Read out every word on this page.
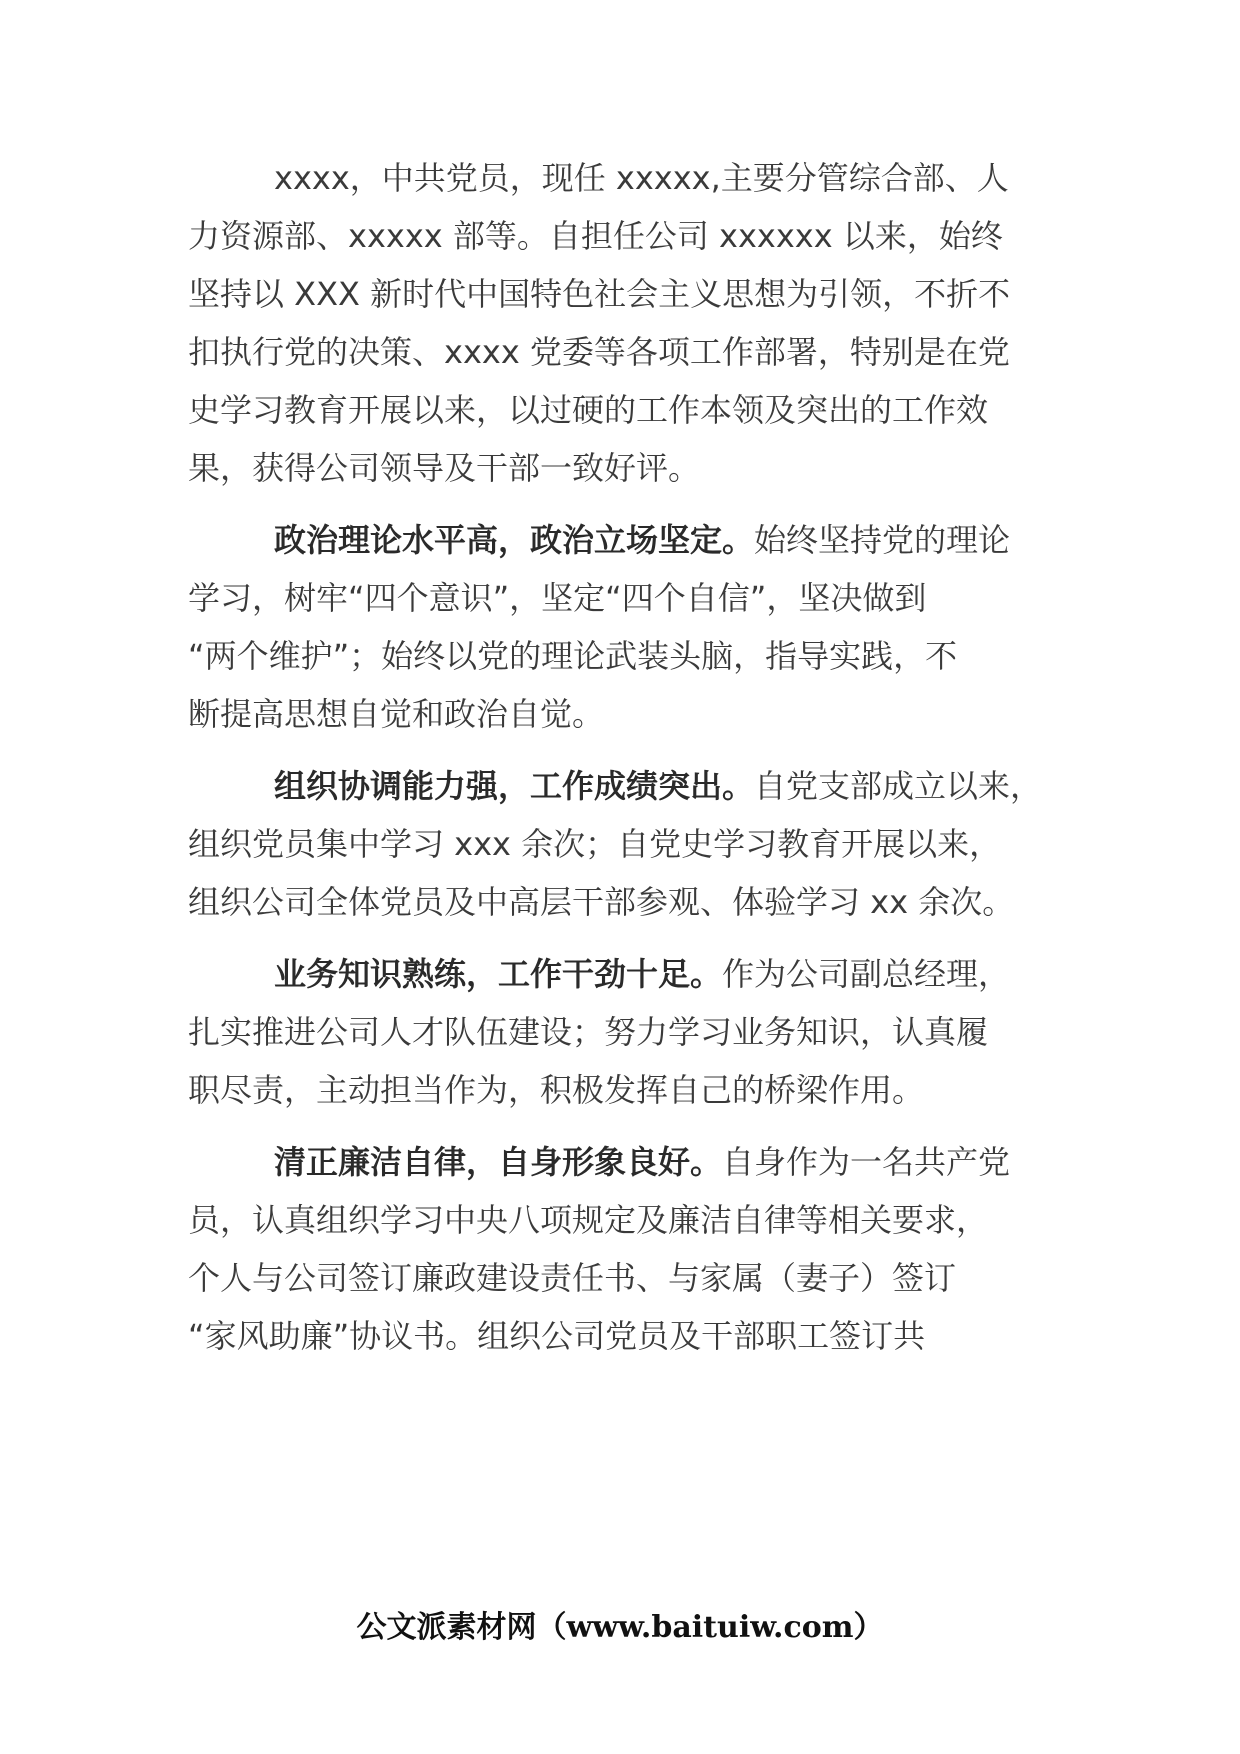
xxxx，中共党员，现任 xxxxx,主要分管综合部、人
力资源部、xxxxx 部等。自担任公司 xxxxxx 以来，始终
坚持以 XXX 新时代中国特色社会主义思想为引领，不折不
扣执行党的决策、xxxx 党委等各项工作部署，特别是在党
史学习教育开展以来，以过硬的工作本领及突出的工作效
果，获得公司领导及干部一致好评。
政治理论水平高，政治立场坚定。始终坚持党的理论
学习，树牢“四个意识”，坚定“四个自信”，坚决做到
“两个维护”；始终以党的理论武装头脑，指导实践，不
断提高思想自觉和政治自觉。
组织协调能力强，工作成绩突出。自党支部成立以来，
组织党员集中学习 xxx 余次；自党史学习教育开展以来，
组织公司全体党员及中高层干部参观、体验学习 xx 余次。
业务知识熟练，工作干劲十足。作为公司副总经理，
扎实推进公司人才队伍建设；努力学习业务知识，认真履
职尽责，主动担当作为，积极发挥自己的桥梁作用。
清正廉洁自律，自身形象良好。自身作为一名共产党
员，认真组织学习中央八项规定及廉洁自律等相关要求，
个人与公司签订廉政建设责任书、与家属（妻子）签订
“家风助廉”协议书。组织公司党员及干部职工签订共
公文派素材网（www.baituiw.com）
